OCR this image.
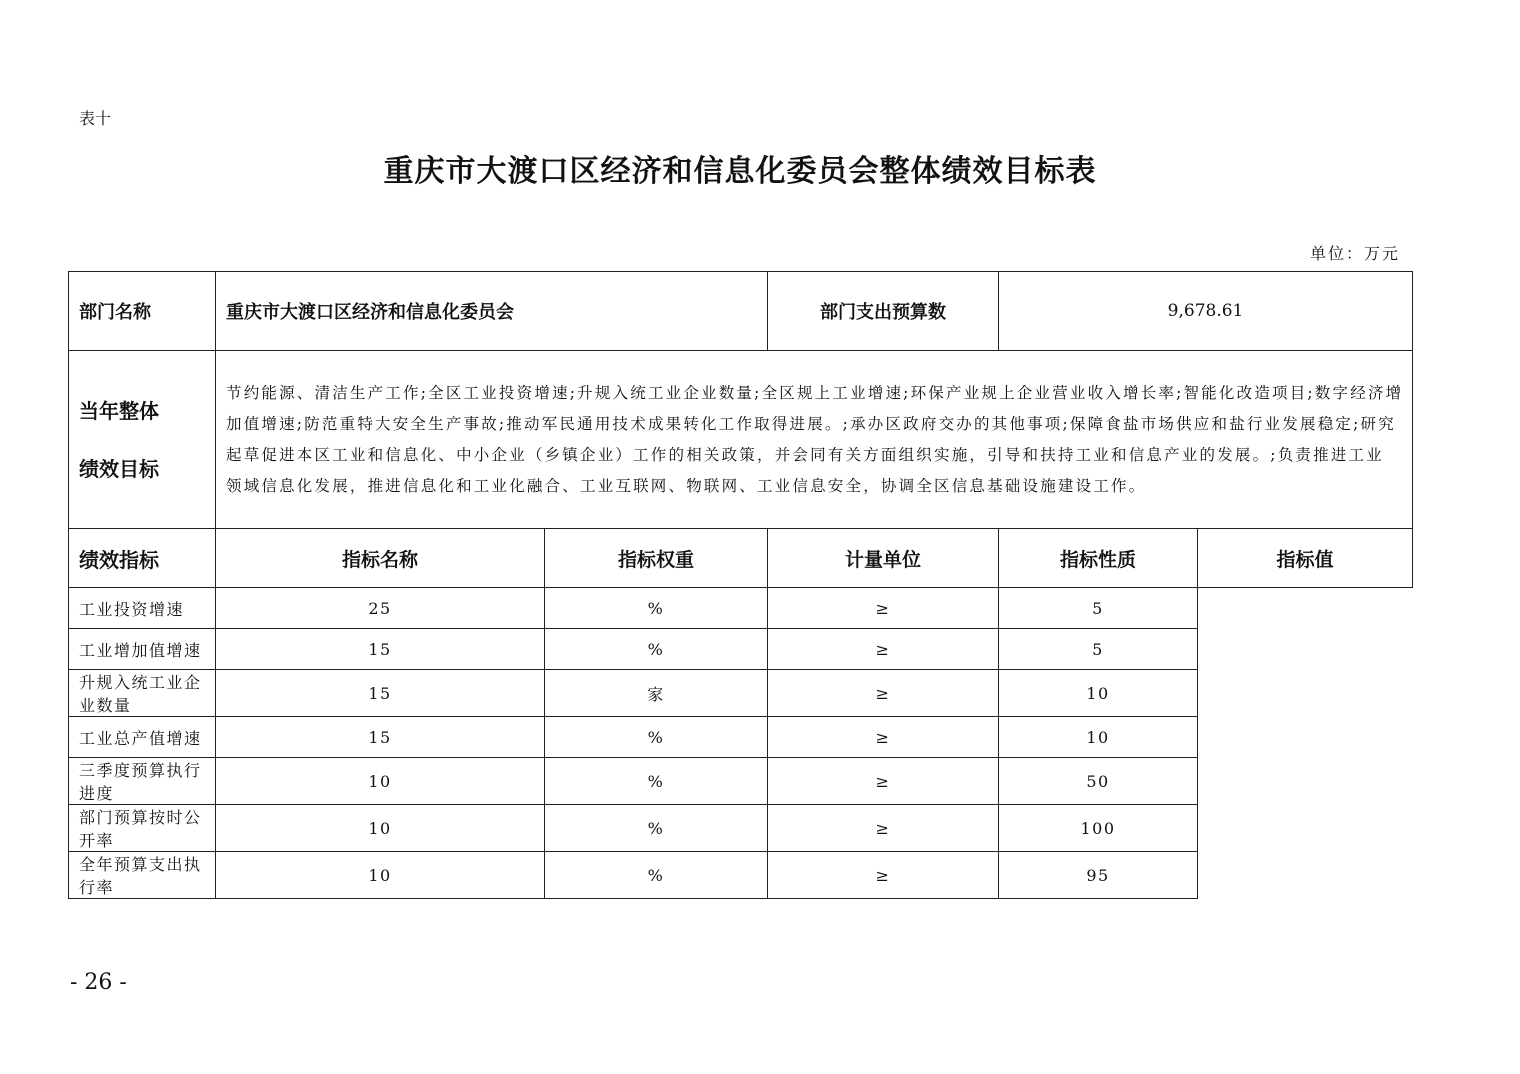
表十
重庆市大渡口区经济和信息化委员会整体绩效目标表
单位：万元
部门名称	重庆市大渡口区经济和信息化委员会		部门支出预算数	9,678.61	

当年整体
绩效目标	节约能源、清洁生产工作;全区工业投资增速;升规入统工业企业数量;全区规上工业增速;环保产业规上企业营业收入增长率;智能化改造项目;数字经济增
加值增速;防范重特大安全生产事故;推动军民通用技术成果转化工作取得进展。;承办区政府交办的其他事项;保障食盐市场供应和盐行业发展稳定;研究
起草促进本区工业和信息化、中小企业（乡镇企业）工作的相关政策，并会同有关方面组织实施，引导和扶持工业和信息产业的发展。;负责推进工业
领域信息化发展，推进信息化和工业化融合、工业互联网、物联网、工业信息安全，协调全区信息基础设施建设工作。				

绩效指标	指标名称	指标权重	计量单位	指标性质	指标值
工业投资增速	25	%	≥	5	
工业增加值增速	15	%	≥	5	
升规入统工业企业数量	15	家	≥	10	
工业总产值增速	15	%	≥	10	
三季度预算执行进度	10	%	≥	50	
部门预算按时公开率	10	%	≥	100	
全年预算支出执行率	10	%	≥	95	
- 26 -
